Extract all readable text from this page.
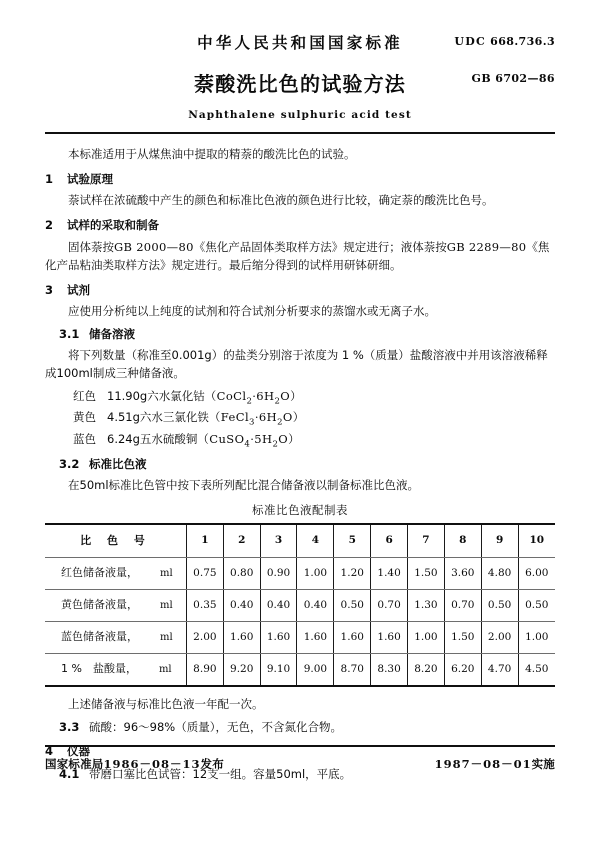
中华人民共和国国家标准
萘酸洗比色的试验方法
Naphthalene sulphuric acid test
UDC 668.736.3
GB 6702—86

本标准适用于从煤焦油中提取的精萘的酸洗比色的试验。

1	试验原理

萘试样在浓硫酸中产生的颜色和标准比色液的颜色进行比较，确定萘的酸洗比色号。

2	试样的采取和制备

固体萘按GB 2000—80《焦化产品固体类取样方法》规定进行；液体萘按GB 2289—80《焦化产品粘油类取样方法》规定进行。最后缩分得到的试样用研钵研细。

3	试剂

应使用分析纯以上纯度的试剂和符合试剂分析要求的蒸馏水或无离子水。

3.1 储备溶液

将下列数量（称准至0.001g）的盐类分别溶于浓度为 1 %（质量）盐酸溶液中并用该溶液稀释成100ml制成三种储备液。

红色 11.90g六水氯化钴$(CoCl_2\cdot 6H_2O)$

黄色 4.51g六水三氯化铁$(FeCl_3\cdot 6H_2O)$

蓝色 6.24g五水硫酸铜$(CuSO_4\cdot 5H_2O)$

3.2 标准比色液

在50ml标准比色管中按下表所列配比混合储备液以制备标准比色液。

标准比色液配制表
比 色 号	1	2	3	4	5	6	7	8	9	10
红色储备液量， ml	0.75	0.80	0.90	1.00	1.20	1.40	1.50	3.60	4.80	6.00
黄色储备液量， ml	0.35	0.40	0.40	0.40	0.50	0.70	1.30	0.70	0.50	0.50
蓝色储备液量， ml	2.00	1.60	1.60	1.60	1.60	1.60	1.00	1.50	2.00	1.00
1 %　盐酸量， ml	8.90	9.20	9.10	9.00	8.70	8.30	8.20	6.20	4.70	4.50

上述储备液与标准比色液一年配一次。

3.3 硫酸：96～98%（质量），无色，不含氮化合物。

4	仪器

4.1 带磨口塞比色试管：12支一组。容量50ml，平底。

国家标准局1986－08－13发布	1987－08－01实施
